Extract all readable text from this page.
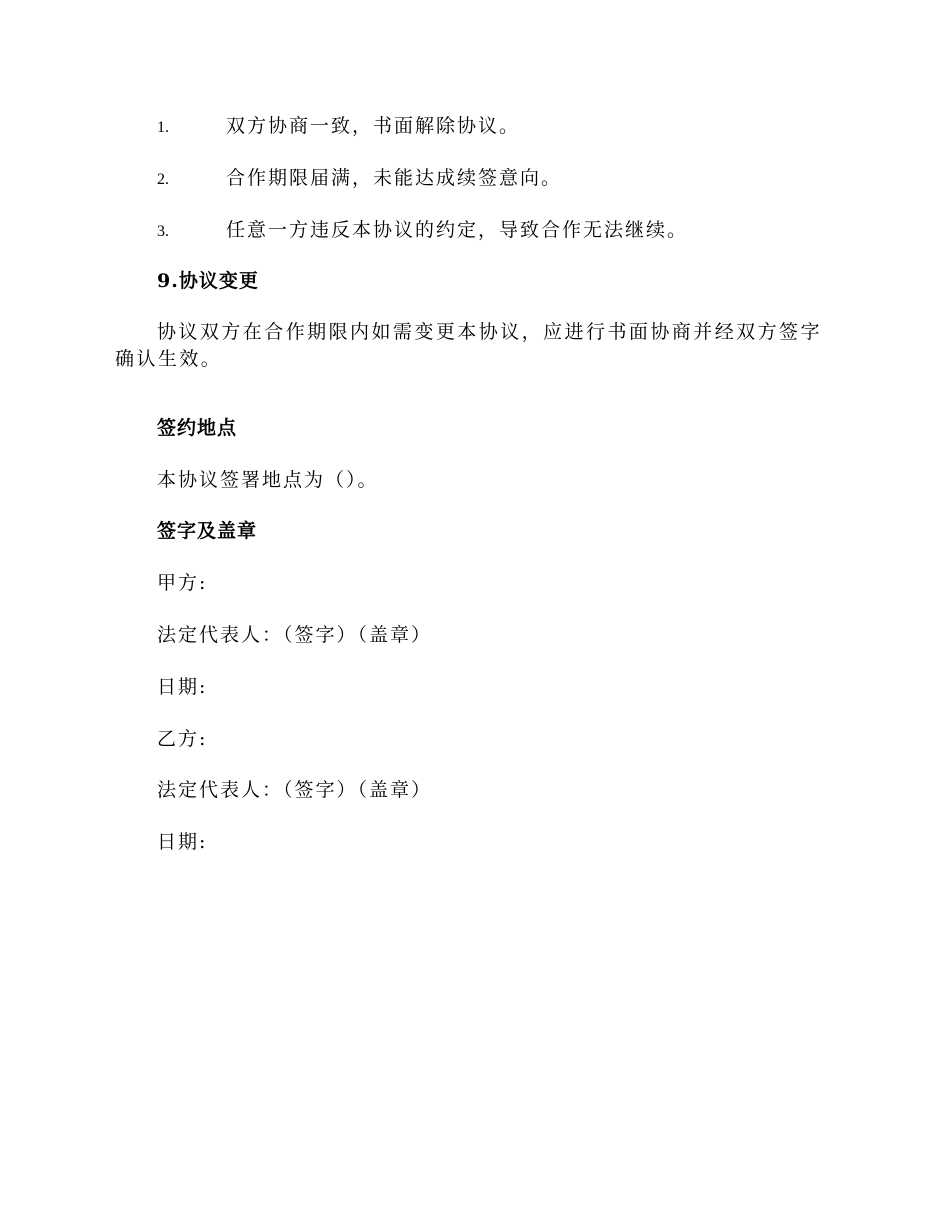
1.	双方协商一致，书面解除协议。
2.	合作期限届满，未能达成续签意向。
3.	任意一方违反本协议的约定，导致合作无法继续。
9.协议变更
协议双方在合作期限内如需变更本协议，应进行书面协商并经双方签字确认生效。
签约地点
本协议签署地点为（）。
签字及盖章
甲方:
法定代表人：（签字）（盖章）
日期:
乙方:
法定代表人：（签字）（盖章）
日期:
